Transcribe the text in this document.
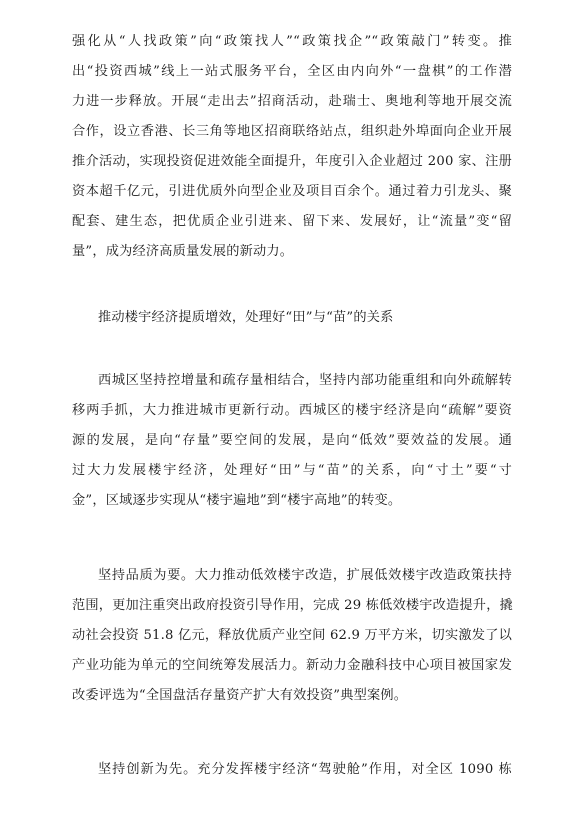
强化从“人找政策”向“政策找人”“政策找企”“政策敲门”转变。推
出“投资西城”线上一站式服务平台，全区由内向外“一盘棋”的工作潜
力进一步释放。开展“走出去”招商活动，赴瑞士、奥地利等地开展交流
合作，设立香港、长三角等地区招商联络站点，组织赴外埠面向企业开展
推介活动，实现投资促进效能全面提升，年度引入企业超过 200 家、注册
资本超千亿元，引进优质外向型企业及项目百余个。通过着力引龙头、聚
配套、建生态，把优质企业引进来、留下来、发展好，让“流量”变“留
量”，成为经济高质量发展的新动力。
推动楼宇经济提质增效，处理好“田”与“苗”的关系
西城区坚持控增量和疏存量相结合，坚持内部功能重组和向外疏解转
移两手抓，大力推进城市更新行动。西城区的楼宇经济是向“疏解”要资
源的发展，是向“存量”要空间的发展，是向“低效”要效益的发展。通
过大力发展楼宇经济，处理好“田”与“苗”的关系，向“寸土”要“寸
金”，区域逐步实现从“楼宇遍地”到“楼宇高地”的转变。
坚持品质为要。大力推动低效楼宇改造，扩展低效楼宇改造政策扶持
范围，更加注重突出政府投资引导作用，完成 29 栋低效楼宇改造提升，撬
动社会投资 51.8 亿元，释放优质产业空间 62.9 万平方米，切实激发了以
产业功能为单元的空间统筹发展活力。新动力金融科技中心项目被国家发
改委评选为“全国盘活存量资产扩大有效投资”典型案例。
坚持创新为先。充分发挥楼宇经济“驾驶舱”作用，对全区 1090 栋
